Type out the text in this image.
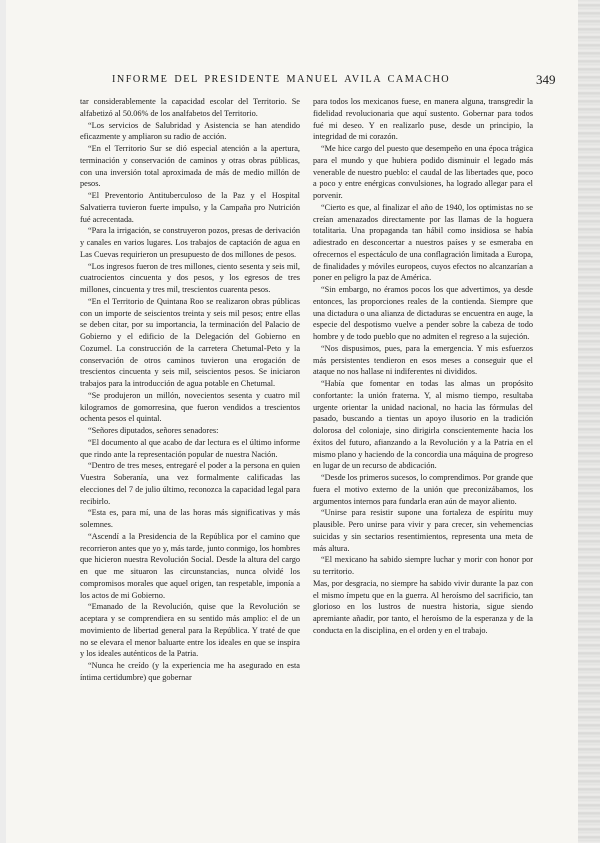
INFORME DEL PRESIDENTE MANUEL AVILA CAMACHO	349

tar considerablemente la capacidad escolar del Territorio. Se alfabetizó al 50.06% de los analfabetos del Territorio.

“Los servicios de Salubridad y Asistencia se han atendido eficazmente y ampliaron su radio de acción.

“En el Territorio Sur se dió especial atención a la apertura, terminación y conservación de caminos y otras obras públicas, con una inversión total aproximada de más de medio millón de pesos.

“El Preventorio Antituberculoso de la Paz y el Hospital Salvatierra tuvieron fuerte impulso, y la Campaña pro Nutrición fué acrecentada.

“Para la irrigación, se construyeron pozos, presas de derivación y canales en varios lugares. Los trabajos de captación de agua en Las Cuevas requirieron un presupuesto de dos millones de pesos.

“Los ingresos fueron de tres millones, ciento sesenta y seis mil, cuatrocientos cincuenta y dos pesos, y los egresos de tres millones, cincuenta y tres mil, trescientos cuarenta pesos.

“En el Territorio de Quintana Roo se realizaron obras públicas con un importe de seiscientos treinta y seis mil pesos; entre ellas se deben citar, por su importancia, la terminación del Palacio de Gobierno y el edificio de la Delegación del Gobierno en Cozumel. La construcción de la carretera Chetumal-Peto y la conservación de otros caminos tuvieron una erogación de trescientos cincuenta y seis mil, seiscientos pesos. Se iniciaron trabajos para la introducción de agua potable en Chetumal.

“Se produjeron un millón, novecientos sesenta y cuatro mil kilogramos de gomorresina, que fueron vendidos a trescientos ochenta pesos el quintal.

“Señores diputados, señores senadores:

“El documento al que acabo de dar lectura es el último informe que rindo ante la representación popular de nuestra Nación.

“Dentro de tres meses, entregaré el poder a la persona en quien Vuestra Soberanía, una vez formalmente calificadas las elecciones del 7 de julio último, reconozca la capacidad legal para recibirlo.

“Esta es, para mí, una de las horas más significativas y más solemnes.

“Ascendí a la Presidencia de la República por el camino que recorrieron antes que yo y, más tarde, junto conmigo, los hombres que hicieron nuestra Revolución Social. Desde la altura del cargo en que me situaron las circunstancias, nunca olvidé los compromisos morales que aquel origen, tan respetable, imponía a los actos de mi Gobierno.

“Emanado de la Revolución, quise que la Revolución se aceptara y se comprendiera en su sentido más amplio: el de un movimiento de libertad general para la República. Y traté de que no se elevara el menor baluarte entre los ideales en que se inspira y los ideales auténticos de la Patria.

“Nunca he creído (y la experiencia me ha asegurado en esta íntima certidumbre) que gobernar

para todos los mexicanos fuese, en manera alguna, transgredir la fidelidad revolucionaria que aquí sustento. Gobernar para todos fué mi deseo. Y en realizarlo puse, desde un principio, la integridad de mi corazón.

“Me hice cargo del puesto que desempeño en una época trágica para el mundo y que hubiera podido disminuir el legado más venerable de nuestro pueblo: el caudal de las libertades que, poco a poco y entre enérgicas convulsiones, ha logrado allegar para el porvenir.

“Cierto es que, al finalizar el año de 1940, los optimistas no se creían amenazados directamente por las llamas de la hoguera totalitaria. Una propaganda tan hábil como insidiosa se había adiestrado en desconcertar a nuestros países y se esmeraba en ofrecernos el espectáculo de una conflagración limitada a Europa, de finalidades y móviles europeos, cuyos efectos no alcanzarían a poner en peligro la paz de América.

“Sin embargo, no éramos pocos los que advertimos, ya desde entonces, las proporciones reales de la contienda. Siempre que una dictadura o una alianza de dictaduras se encuentra en auge, la especie del despotismo vuelve a pender sobre la cabeza de todo hombre y de todo pueblo que no admiten el regreso a la sujeción.

“Nos dispusimos, pues, para la emergencia. Y mis esfuerzos más persistentes tendieron en esos meses a conseguir que el ataque no nos hallase ni indiferentes ni divididos.

“Había que fomentar en todas las almas un propósito confortante: la unión fraterna. Y, al mismo tiempo, resultaba urgente orientar la unidad nacional, no hacia las fórmulas del pasado, buscando a tientas un apoyo ilusorio en la tradición dolorosa del coloniaje, sino dirigirla conscientemente hacia los éxitos del futuro, afianzando a la Revolución y a la Patria en el mismo plano y haciendo de la concordia una máquina de progreso en lugar de un recurso de abdicación.

“Desde los primeros sucesos, lo comprendimos. Por grande que fuera el motivo externo de la unión que preconizábamos, los argumentos internos para fundarla eran aún de mayor aliento.

“Unirse para resistir supone una fortaleza de espíritu muy plausible. Pero unirse para vivir y para crecer, sin vehemencias suicidas y sin sectarios resentimientos, representa una meta de más altura.

“El mexicano ha sabido siempre luchar y morir con honor por su territorio.

Mas, por desgracia, no siempre ha sabido vivir durante la paz con el mismo ímpetu que en la guerra. Al heroísmo del sacrificio, tan glorioso en los lustros de nuestra historia, sigue siendo apremiante añadir, por tanto, el heroísmo de la esperanza y de la conducta en la disciplina, en el orden y en el trabajo.
